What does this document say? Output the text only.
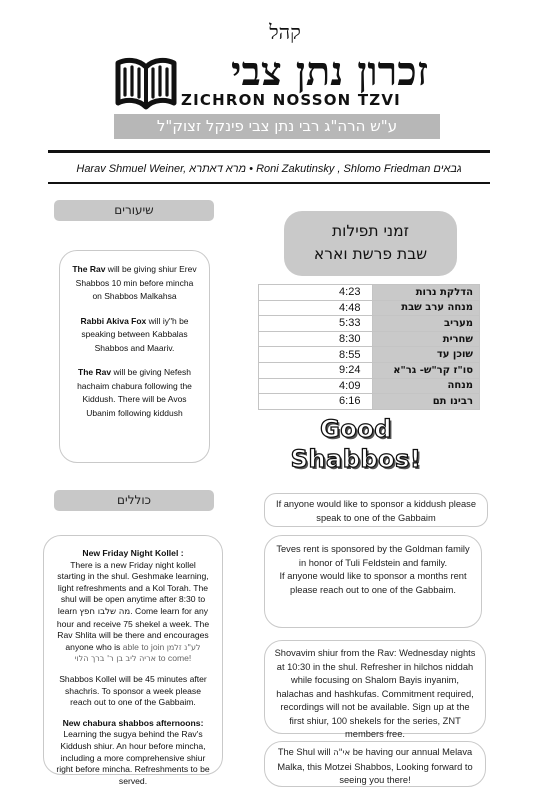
קהל
זכרון נתן צבי
ZICHRON NOSSON TZVI
ע"ש הרה"ג רבי נתן צבי פינקל זצוק"ל
Harav Shmuel Weiner, מרא דאתרא • Roni Zakutinsky , Shlomo Friedman גבאים
שיעורים

The Rav will be giving shiur Erev Shabbos 10 min before mincha on Shabbos Malkahsa

Rabbi Akiva Fox will iy"h be speaking between Kabbalas Shabbos and Maariv.

The Rav will be giving Nefesh hachaim chabura following the Kiddush. There will be Avos Ubanim following kiddush

זמני תפילות
שבת פרשת וארא
4:23	הדלקת נרות
4:48	מנחה ערב שבת
5:33	מעריב
8:30	שחרית
8:55	שוכן עד
9:24	סו"ז קר"ש- גר"א
4:09	מנחה
6:16	רבינו תם
Good
Shabbos!
כוללים
New Friday Night Kollel :

There is a new Friday night kollel starting in the shul. Geshmake learning, light refreshments and a Kol Torah. The shul will be open anytime after 8:30 to learn מה שלבו חפץ. Come learn for any hour and receive 75 shekel a week. The Rav Shlita will be there and encourages anyone who is able to join לע"נ זלמן אריה ליב בן ר' ברך הלוי to come!

Shabbos Kollel will be 45 minutes after shachris. To sponsor a week please reach out to one of the Gabbaim.

New chabura shabbos afternoons:
Learning the sugya behind the Rav's Kiddush shiur. An hour before mincha, including a more comprehensive shiur right before mincha. Refreshments to be served.
If anyone would like to sponsor a kiddush please speak to one of the Gabbaim
Teves rent is sponsored by the Goldman family in honor of Tuli Feldstein and family.
If anyone would like to sponsor a months rent please reach out to one of the Gabbaim.
Shovavim shiur from the Rav: Wednesday nights at 10:30 in the shul. Refresher in hilchos niddah while focusing on Shalom Bayis inyanim, halachas and hashkufas. Commitment required, recordings will not be available. Sign up at the first shiur, 100 shekels for the series, ZNT members free.
The Shul will אי"ה be having our annual Melava Malka, this Motzei Shabbos, Looking forward to seeing you there!
